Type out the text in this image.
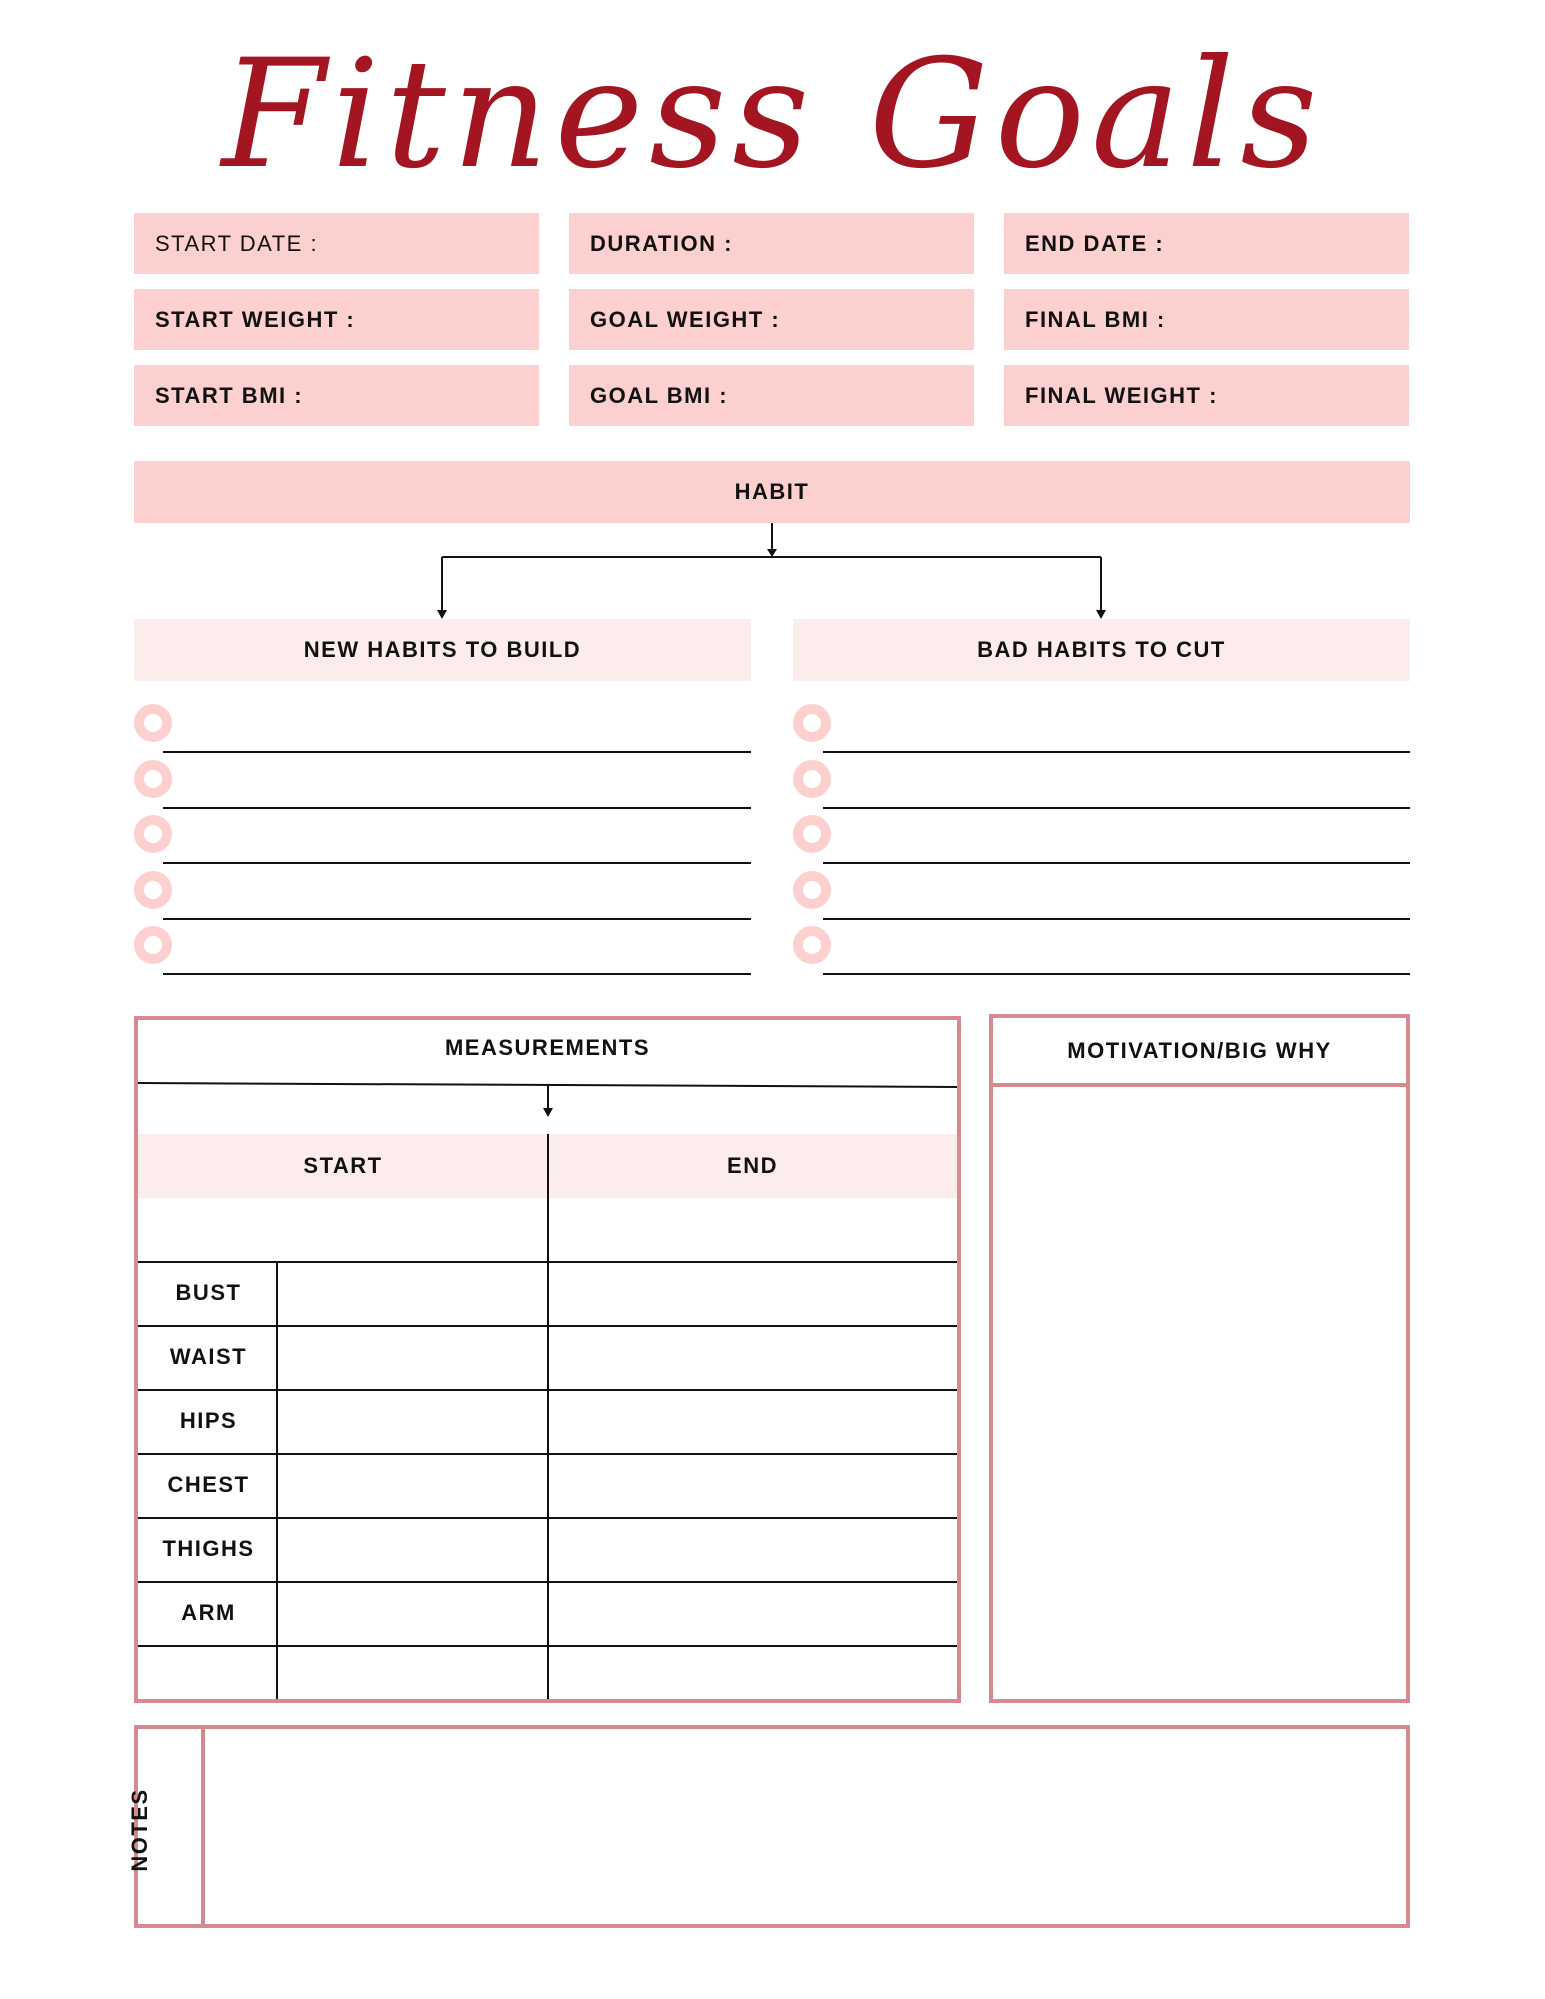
Fitness Goals
START DATE :	DURATION :	END DATE :
START WEIGHT :	GOAL WEIGHT :	FINAL BMI :
START BMI :	GOAL BMI :	FINAL WEIGHT :
HABIT
NEW HABITS TO BUILD	BAD HABITS TO CUT
MEASUREMENTS
START	END
BUST
WAIST
HIPS
CHEST
THIGHS
ARM
MOTIVATION/BIG WHY
NOTES
